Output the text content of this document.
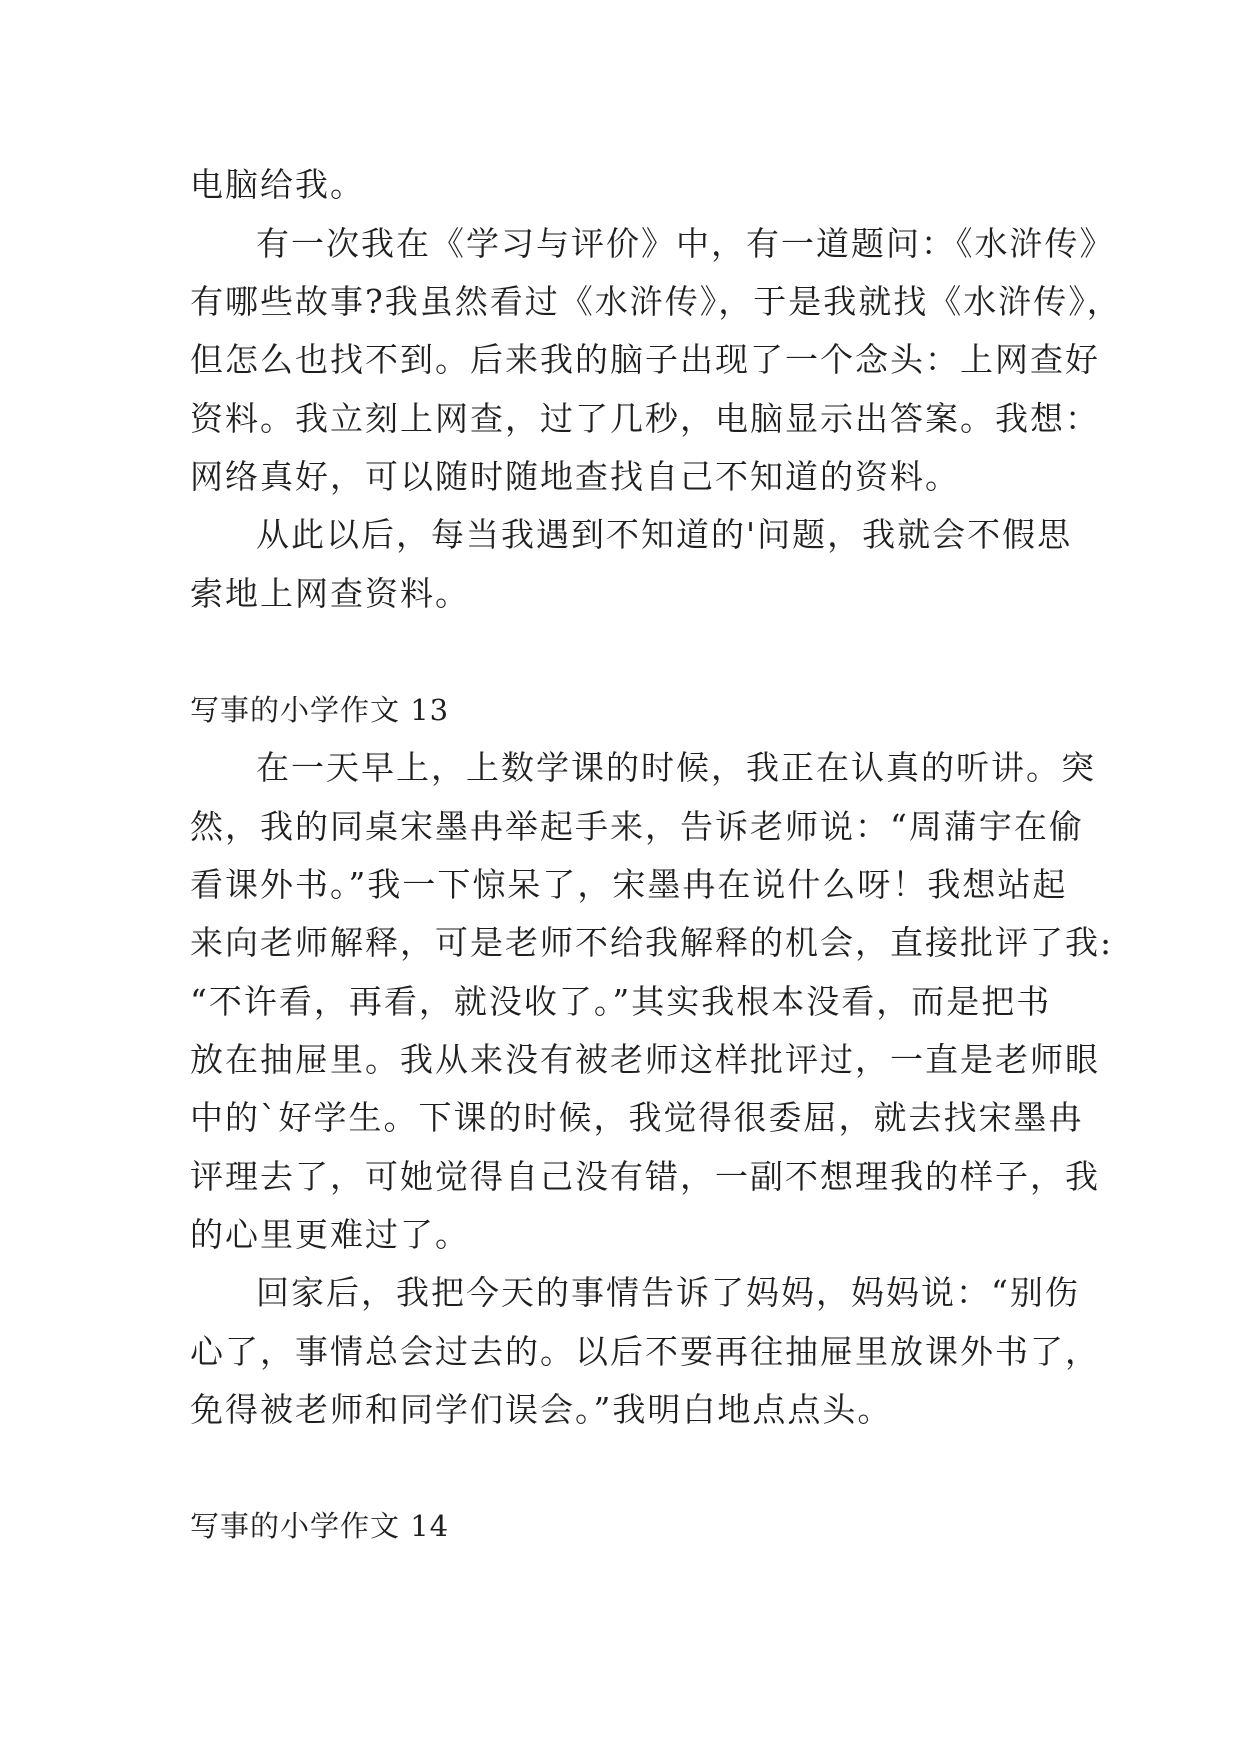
电脑给我。
有一次我在《学习与评价》中，有一道题问：《水浒传》
有哪些故事?我虽然看过《水浒传》，于是我就找《水浒传》，
但怎么也找不到。后来我的脑子出现了一个念头：上网查好
资料。我立刻上网查，过了几秒，电脑显示出答案。我想：
网络真好，可以随时随地查找自己不知道的资料。
从此以后，每当我遇到不知道的'问题，我就会不假思
索地上网查资料。
写事的小学作文 13
在一天早上，上数学课的时候，我正在认真的听讲。突
然，我的同桌宋墨冉举起手来，告诉老师说：“周蒲宇在偷
看课外书。”我一下惊呆了，宋墨冉在说什么呀！我想站起
来向老师解释，可是老师不给我解释的机会，直接批评了我:
“不许看，再看，就没收了。”其实我根本没看，而是把书
放在抽屉里。我从来没有被老师这样批评过，一直是老师眼
中的`好学生。下课的时候，我觉得很委屈，就去找宋墨冉
评理去了，可她觉得自己没有错，一副不想理我的样子，我
的心里更难过了。
回家后，我把今天的事情告诉了妈妈，妈妈说：“别伤
心了，事情总会过去的。以后不要再往抽屉里放课外书了，
免得被老师和同学们误会。”我明白地点点头。
写事的小学作文 14
